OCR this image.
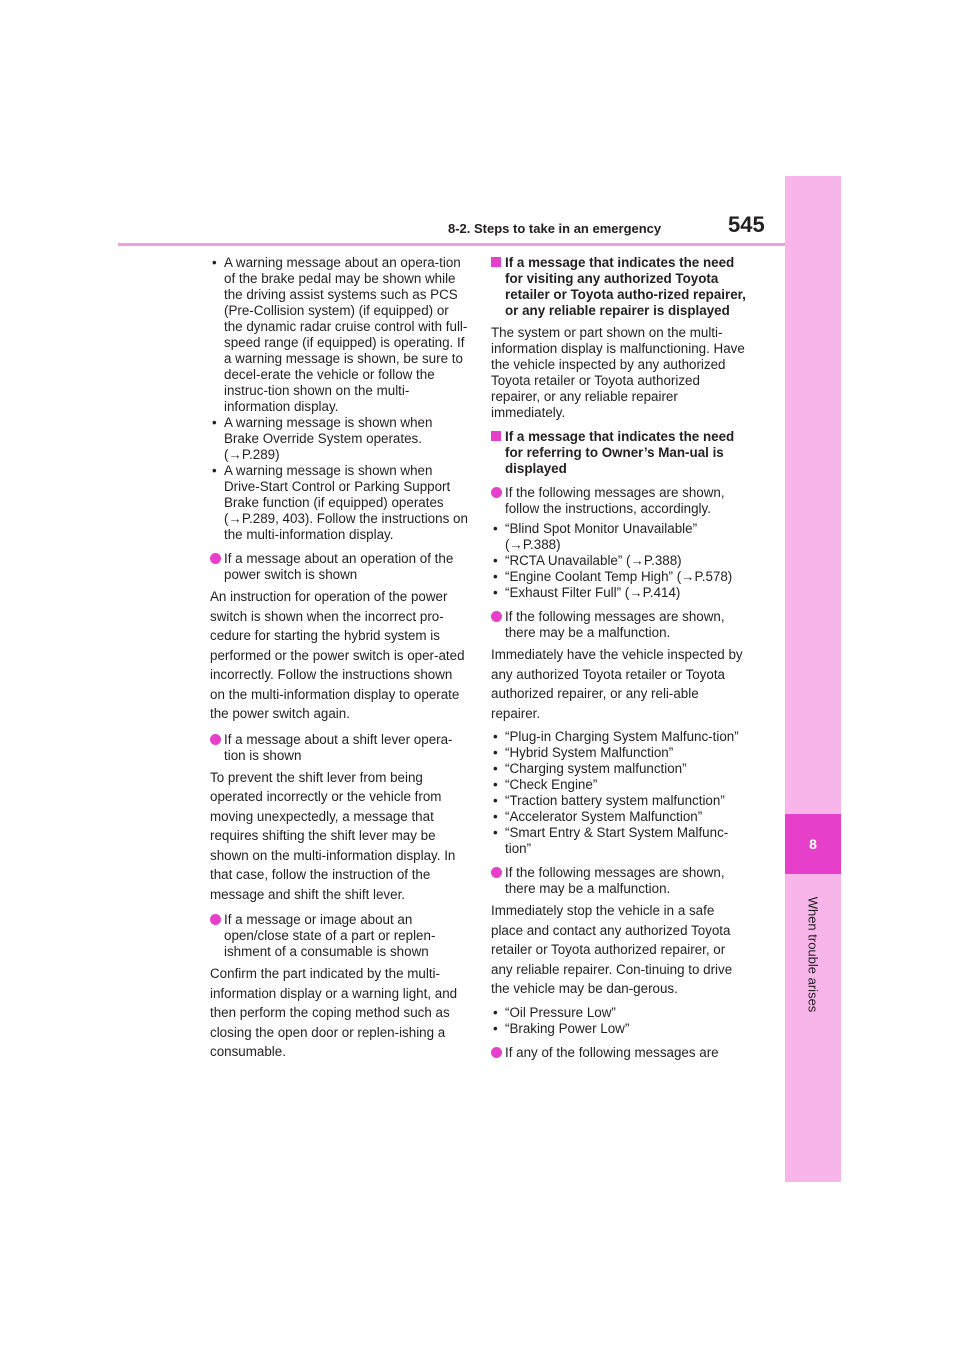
8
When trouble arises
8-2. Steps to take in an emergency	545
• A warning message about an opera-tion of the brake pedal may be shown while the driving assist systems such as PCS (Pre-Collision system) (if equipped) or the dynamic radar cruise control with full-speed range (if equipped) is operating. If a warning message is shown, be sure to decel-erate the vehicle or follow the instruc-tion shown on the multi-information display.
• A warning message is shown when Brake Override System operates. (→P.289)
• A warning message is shown when Drive-Start Control or Parking Support Brake function (if equipped) operates (→P.289, 403). Follow the instructions on the multi-information display.
If a message about an operation of the power switch is shown
An instruction for operation of the power switch is shown when the incorrect pro-cedure for starting the hybrid system is performed or the power switch is oper-ated incorrectly. Follow the instructions shown on the multi-information display to operate the power switch again.
If a message about a shift lever opera-tion is shown
To prevent the shift lever from being operated incorrectly or the vehicle from moving unexpectedly, a message that requires shifting the shift lever may be shown on the multi-information display. In that case, follow the instruction of the message and shift the shift lever.
If a message or image about an open/close state of a part or replen-ishment of a consumable is shown
Confirm the part indicated by the multi-information display or a warning light, and then perform the coping method such as closing the open door or replen-ishing a consumable.
If a message that indicates the need for visiting any authorized Toyota retailer or Toyota autho-rized repairer, or any reliable repairer is displayed
The system or part shown on the multi-information display is malfunctioning. Have the vehicle inspected by any authorized Toyota retailer or Toyota authorized repairer, or any reliable repairer immediately.
If a message that indicates the need for referring to Owner’s Man-ual is displayed
If the following messages are shown, follow the instructions, accordingly.
• “Blind Spot Monitor Unavailable” (→P.388)
• “RCTA Unavailable” (→P.388)
• “Engine Coolant Temp High” (→P.578)
• “Exhaust Filter Full” (→P.414)
If the following messages are shown, there may be a malfunction.
Immediately have the vehicle inspected by any authorized Toyota retailer or Toyota authorized repairer, or any reli-able repairer.
• “Plug-in Charging System Malfunc-tion”
• “Hybrid System Malfunction”
• “Charging system malfunction”
• “Check Engine”
• “Traction battery system malfunction”
• “Accelerator System Malfunction”
• “Smart Entry & Start System Malfunc-tion”
If the following messages are shown, there may be a malfunction.
Immediately stop the vehicle in a safe place and contact any authorized Toyota retailer or Toyota authorized repairer, or any reliable repairer. Con-tinuing to drive the vehicle may be dan-gerous.
• “Oil Pressure Low”
• “Braking Power Low”
If any of the following messages are
